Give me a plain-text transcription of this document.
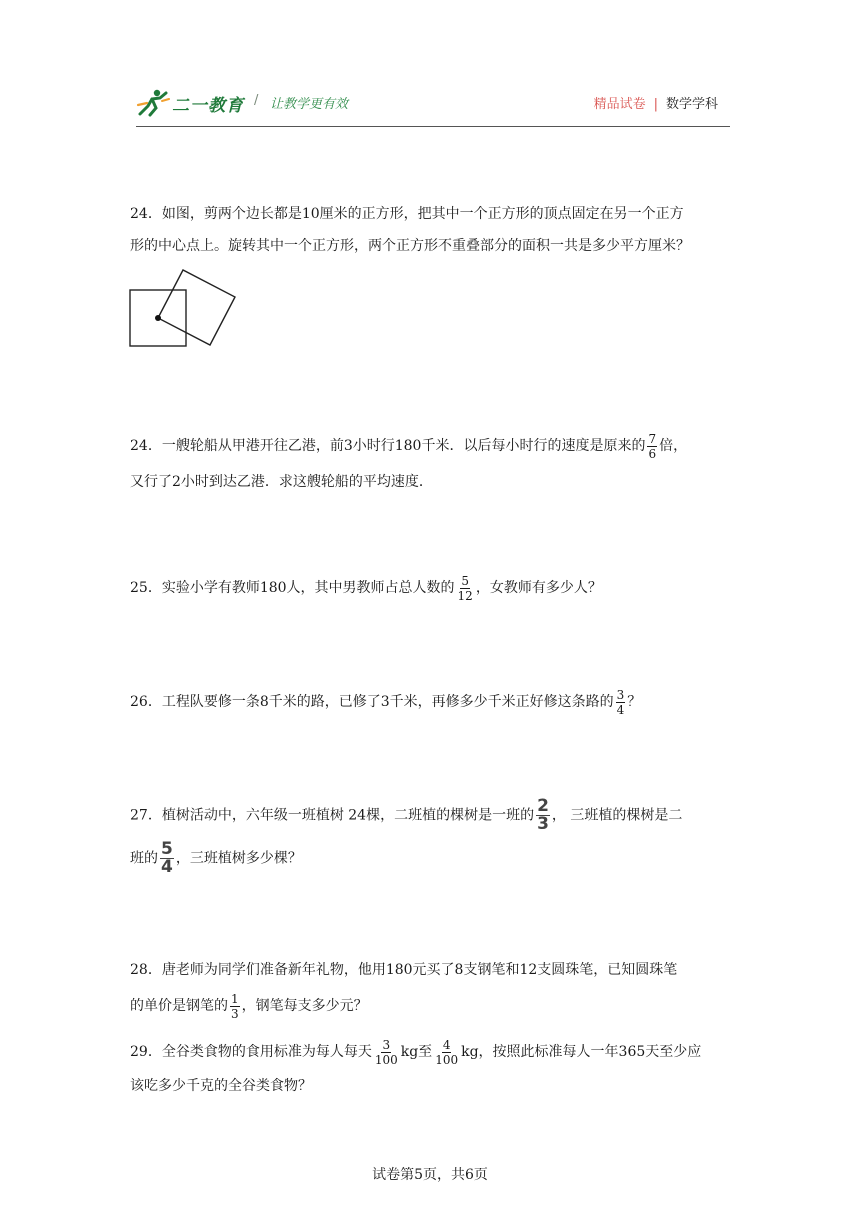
二一教育 / 让教学更有效	精品试卷 | 数学学科
24．如图，剪两个边长都是10厘米的正方形，把其中一个正方形的顶点固定在另一个正方
形的中心点上。旋转其中一个正方形，两个正方形不重叠部分的面积一共是多少平方厘米？
24．一艘轮船从甲港开往乙港，前3小时行180千米．以后每小时行的速度是原来的 $\frac{7}{6}$ 倍，
又行了2小时到达乙港．求这艘轮船的平均速度．
25．实验小学有教师180人，其中男教师占总人数的 $\frac{5}{12}$ ，女教师有多少人？
26．工程队要修一条8千米的路，已修了3千米，再修多少千米正好修这条路的 $\frac{3}{4}$ ？
27．植树活动中，六年级一班植树 24棵，二班植的棵树是一班的 $\frac{2}{3}$ ， 三班植的棵树是二
班的 $\frac{5}{4}$ ，三班植树多少棵？
28．唐老师为同学们准备新年礼物，他用180元买了8支钢笔和12支圆珠笔，已知圆珠笔
的单价是钢笔的 $\frac{1}{3}$ ，钢笔每支多少元？
29．全谷类食物的食用标准为每人每天 $\frac{3}{100}$ kg至 $\frac{4}{100}$ kg，按照此标准每人一年365天至少应
该吃多少千克的全谷类食物？
试卷第5页，共6页
